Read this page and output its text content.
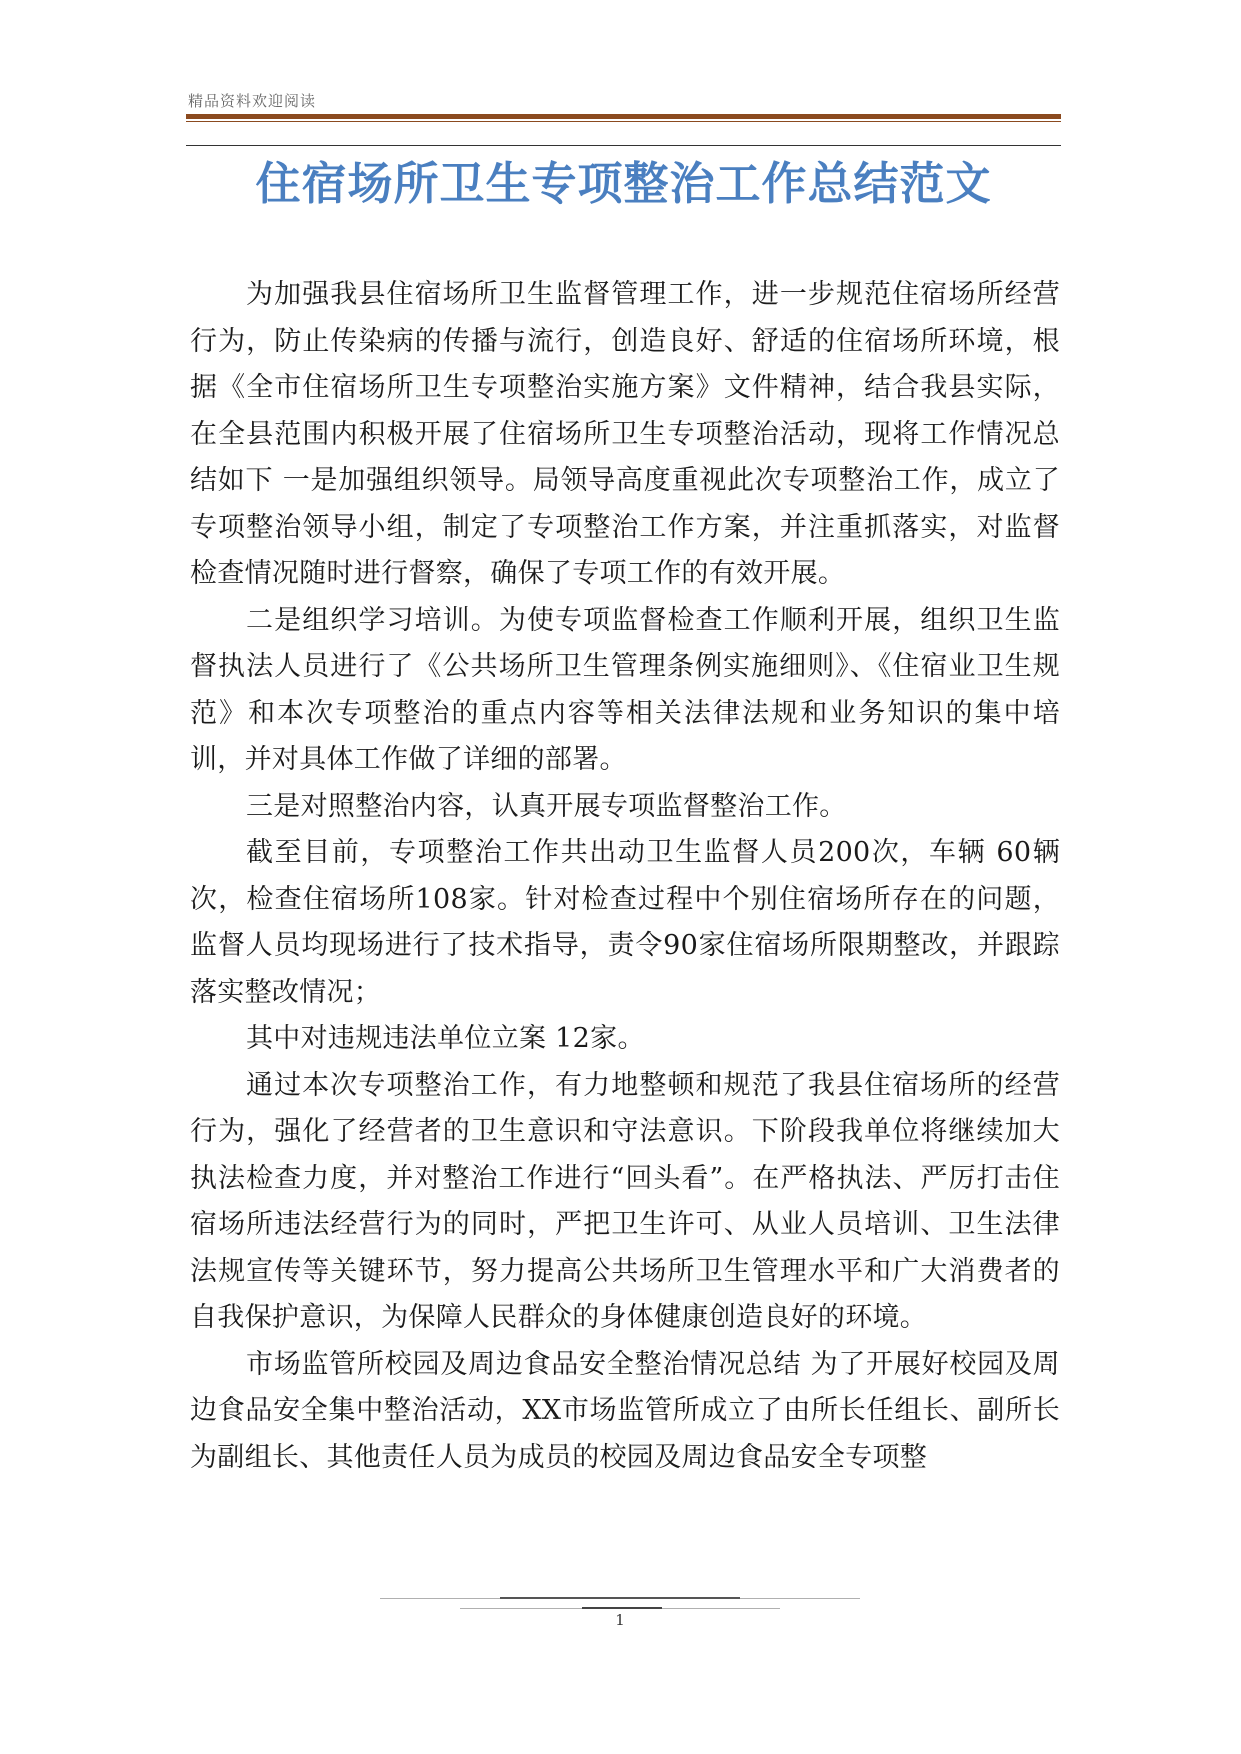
精品资料欢迎阅读
住宿场所卫生专项整治工作总结范文

为加强我县住宿场所卫生监督管理工作，进一步规范住宿场所经营行为，防止传染病的传播与流行，创造良好、舒适的住宿场所环境，根据《全市住宿场所卫生专项整治实施方案》文件精神，结合我县实际，在全县范围内积极开展了住宿场所卫生专项整治活动，现将工作情况总结如下 一是加强组织领导。局领导高度重视此次专项整治工作，成立了专项整治领导小组，制定了专项整治工作方案，并注重抓落实，对监督检查情况随时进行督察，确保了专项工作的有效开展。

二是组织学习培训。为使专项监督检查工作顺利开展，组织卫生监督执法人员进行了《公共场所卫生管理条例实施细则》、《住宿业卫生规范》和本次专项整治的重点内容等相关法律法规和业务知识的集中培训，并对具体工作做了详细的部署。

三是对照整治内容，认真开展专项监督整治工作。

截至目前，专项整治工作共出动卫生监督人员200次，车辆 60辆次，检查住宿场所108家。针对检查过程中个别住宿场所存在的问题，监督人员均现场进行了技术指导，责令90家住宿场所限期整改，并跟踪落实整改情况；

其中对违规违法单位立案 12家。

通过本次专项整治工作，有力地整顿和规范了我县住宿场所的经营行为，强化了经营者的卫生意识和守法意识。下阶段我单位将继续加大执法检查力度，并对整治工作进行“回头看”。在严格执法、严厉打击住宿场所违法经营行为的同时，严把卫生许可、从业人员培训、卫生法律法规宣传等关键环节，努力提高公共场所卫生管理水平和广大消费者的自我保护意识，为保障人民群众的身体健康创造良好的环境。

市场监管所校园及周边食品安全整治情况总结 为了开展好校园及周边食品安全集中整治活动，XX市场监管所成立了由所长任组长、副所长为副组长、其他责任人员为成员的校园及周边食品安全专项整

1
